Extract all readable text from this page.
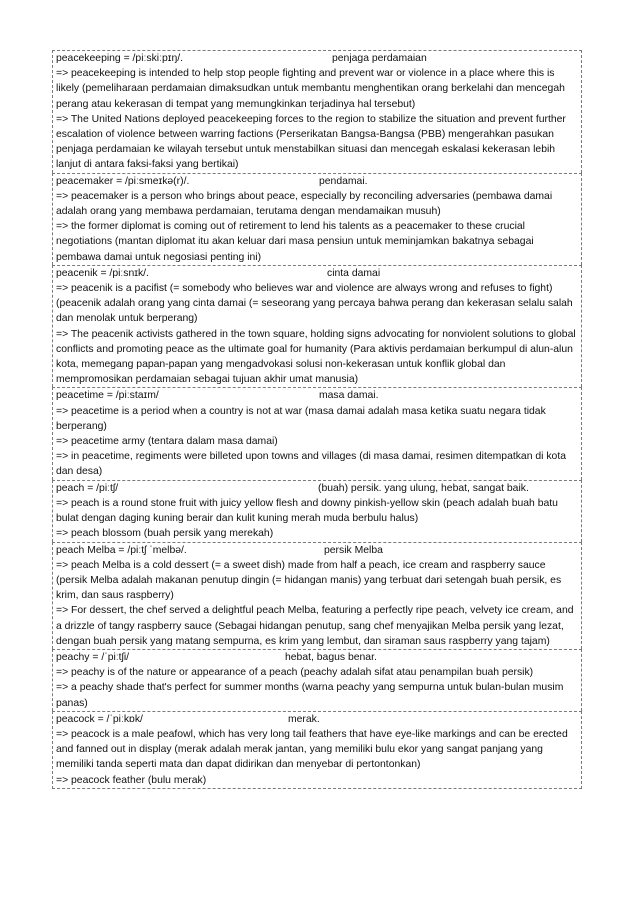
peacekeeping = /piːskiːpɪŋ/.	penjaga perdamaian

=> peacekeeping is intended to help stop people fighting and prevent war or violence in a place where this is likely (pemeliharaan perdamaian dimaksudkan untuk membantu menghentikan orang berkelahi dan mencegah perang atau kekerasan di tempat yang memungkinkan terjadinya hal tersebut)

=> The United Nations deployed peacekeeping forces to the region to stabilize the situation and prevent further escalation of violence between warring factions (Perserikatan Bangsa-Bangsa (PBB) mengerahkan pasukan penjaga perdamaian ke wilayah tersebut untuk menstabilkan situasi dan mencegah eskalasi kekerasan lebih lanjut di antara faksi-faksi yang bertikai)

peacemaker = /piːsmeɪkə(r)/.	pendamai.

=> peacemaker is a person who brings about peace, especially by reconciling adversaries (pembawa damai adalah orang yang membawa perdamaian, terutama dengan mendamaikan musuh)

=> the former diplomat is coming out of retirement to lend his talents as a peacemaker to these crucial negotiations (mantan diplomat itu akan keluar dari masa pensiun untuk meminjamkan bakatnya sebagai pembawa damai untuk negosiasi penting ini)

peacenik = /piːsnɪk/.	cinta damai

=> peacenik is a pacifist (= somebody who believes war and violence are always wrong and refuses to fight) (peacenik adalah orang yang cinta damai (= seseorang yang percaya bahwa perang dan kekerasan selalu salah dan menolak untuk berperang)

=> The peacenik activists gathered in the town square, holding signs advocating for nonviolent solutions to global conflicts and promoting peace as the ultimate goal for humanity (Para aktivis perdamaian berkumpul di alun-alun kota, memegang papan-papan yang mengadvokasi solusi non-kekerasan untuk konflik global dan mempromosikan perdamaian sebagai tujuan akhir umat manusia)

peacetime = /piːstaɪm/	masa damai.

=> peacetime is a period when a country is not at war (masa damai adalah masa ketika suatu negara tidak berperang)

=> peacetime army (tentara dalam masa damai)

=> in peacetime, regiments were billeted upon towns and villages (di masa damai, resimen ditempatkan di kota dan desa)

peach = /piːtʃ/	(buah) persik. yang ulung, hebat, sangat baik.

=> peach is a round stone fruit with juicy yellow flesh and downy pinkish-yellow skin (peach adalah buah batu bulat dengan daging kuning berair dan kulit kuning merah muda berbulu halus)

=> peach blossom (buah persik yang merekah)

peach Melba = /piːtʃ ˈmelbə/.	persik Melba

=> peach Melba is a cold dessert (= a sweet dish) made from half a peach, ice cream and raspberry sauce (persik Melba adalah makanan penutup dingin (= hidangan manis) yang terbuat dari setengah buah persik, es krim, dan saus raspberry)

=> For dessert, the chef served a delightful peach Melba, featuring a perfectly ripe peach, velvety ice cream, and a drizzle of tangy raspberry sauce (Sebagai hidangan penutup, sang chef menyajikan Melba persik yang lezat, dengan buah persik yang matang sempurna, es krim yang lembut, dan siraman saus raspberry yang tajam)

peachy = /ˈpiːtʃi/	hebat, bagus benar.

=> peachy is of the nature or appearance of a peach (peachy adalah sifat atau penampilan buah persik)

=> a peachy shade that's perfect for summer months (warna peachy yang sempurna untuk bulan-bulan musim panas)

peacock = /ˈpiːkɒk/	merak.

=> peacock is a male peafowl, which has very long tail feathers that have eye-like markings and can be erected and fanned out in display (merak adalah merak jantan, yang memiliki bulu ekor yang sangat panjang yang memiliki tanda seperti mata dan dapat didirikan dan menyebar di pertontonkan)

=> peacock feather (bulu merak)
